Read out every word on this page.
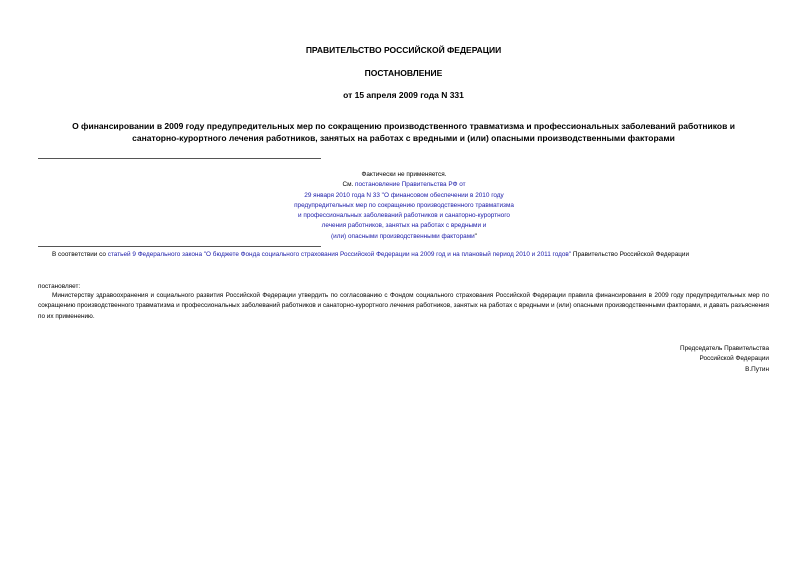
ПРАВИТЕЛЬСТВО РОССИЙСКОЙ ФЕДЕРАЦИИ
ПОСТАНОВЛЕНИЕ
от 15 апреля 2009 года N 331
О финансировании в 2009 году предупредительных мер по сокращению производственного травматизма и профессиональных заболеваний работников и санаторно-курортного лечения работников, занятых на работах с вредными и (или) опасными производственными факторами
Фактически не применяется.
См. постановление Правительства РФ от
29 января 2010 года N 33 "О финансовом обеспечении в 2010 году
предупредительных мер по сокращению производственного травматизма
и профессиональных заболеваний работников и санаторно-курортного
лечения работников, занятых на работах с вредными и
(или) опасными производственными факторами"
В соответствии со статьей 9 Федерального закона "О бюджете Фонда социального страхования Российской Федерации на 2009 год и на плановый период 2010 и 2011 годов" Правительство Российской Федерации
постановляет:
Министерству здравоохранения и социального развития Российской Федерации утвердить по согласованию с Фондом социального страхования Российской Федерации правила финансирования в 2009 году предупредительных мер по сокращению производственного травматизма и профессиональных заболеваний работников и санаторно-курортного лечения работников, занятых на работах с вредными и (или) опасными производственными факторами, и давать разъяснения по их применению.
Председатель Правительства
Российской Федерации
В.Путин
